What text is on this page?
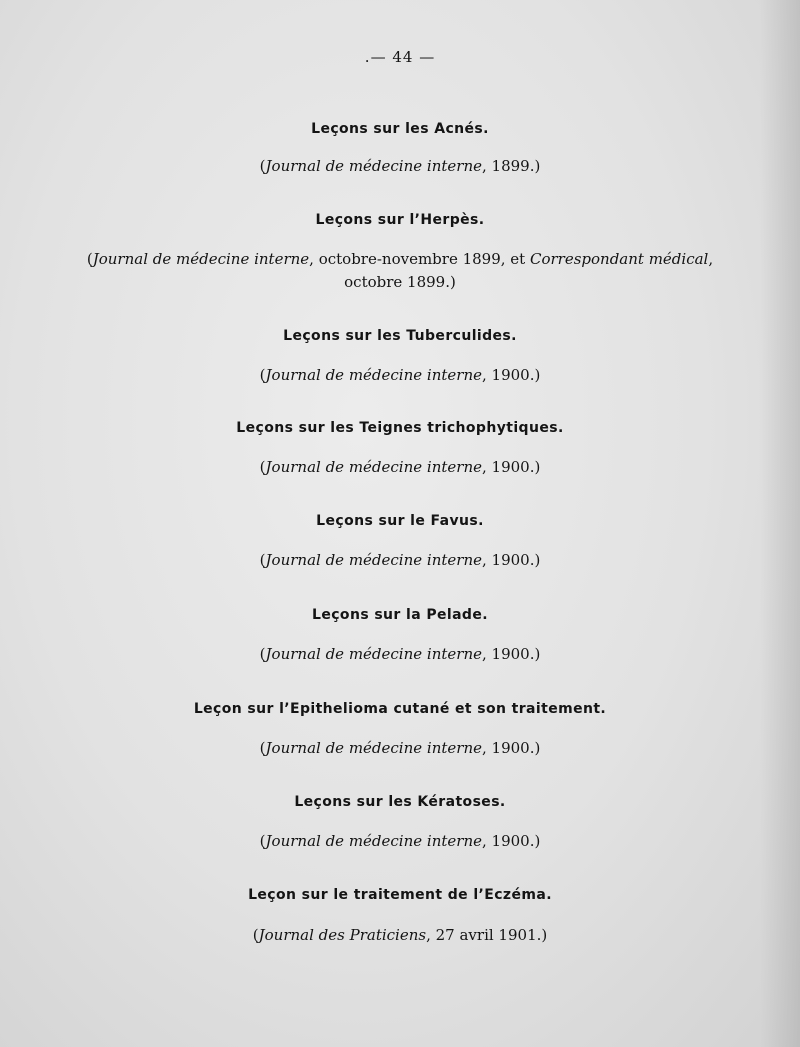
.— 44 —
Leçons sur les Acnés.
(Journal de médecine interne, 1899.)
Leçons sur l’Herpès.
(Journal de médecine interne, octobre-novembre 1899, et Correspondant médical,
octobre 1899.)
Leçons sur les Tuberculides.
(Journal de médecine interne, 1900.)
Leçons sur les Teignes trichophytiques.
(Journal de médecine interne, 1900.)
Leçons sur le Favus.
(Journal de médecine interne, 1900.)
Leçons sur la Pelade.
(Journal de médecine interne, 1900.)
Leçon sur l’Epithelioma cutané et son traitement.
(Journal de médecine interne, 1900.)
Leçons sur les Kératoses.
(Journal de médecine interne, 1900.)
Leçon sur le traitement de l’Eczéma.
(Journal des Praticiens, 27 avril 1901.)
